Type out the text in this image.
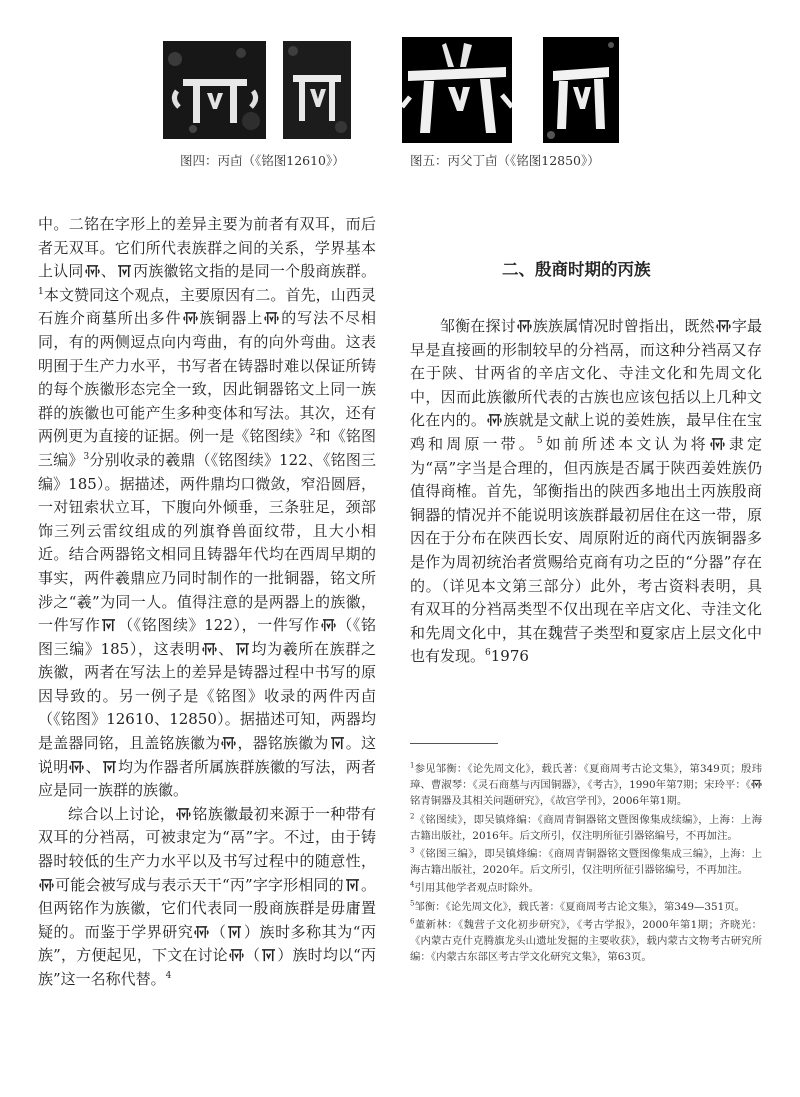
图四：丙卣（《铭图12610》）	图五：丙父丁卣（《铭图12850》）

中。二铭在字形上的差异主要为前者有双耳，而后者无双耳。它们所代表族群之间的关系，学界基本上认同 、 丙族徽铭文指的是同一个殷商族群。$^1$本文赞同这个观点，主要原因有二。首先，山西灵石旌介商墓所出多件 族铜器上 的写法不尽相同，有的两侧逗点向内弯曲，有的向外弯曲。这表明囿于生产力水平，书写者在铸器时难以保证所铸的每个族徽形态完全一致，因此铜器铭文上同一族群的族徽也可能产生多种变体和写法。其次，还有两例更为直接的证据。例一是《铭图续》$^2$和《铭图三编》$^3$分别收录的羲鼎（《铭图续》122、《铭图三编》185）。据描述，两件鼎均口微敛，窄沿圆唇，一对钮索状立耳，下腹向外倾垂，三条驻足，颈部饰三列云雷纹组成的列旗脊兽面纹带，且大小相近。结合两器铭文相同且铸器年代均在西周早期的事实，两件羲鼎应乃同时制作的一批铜器，铭文所涉之“羲”为同一人。值得注意的是两器上的族徽，一件写作 （《铭图续》122），一件写作 （《铭图三编》185），这表明 、 均为羲所在族群之族徽，两者在写法上的差异是铸器过程中书写的原因导致的。另一例子是《铭图》收录的两件丙卣（《铭图》12610、12850）。据描述可知，两器均是盖器同铭，且盖铭族徽为 ，器铭族徽为 。这说明 、 均为作器者所属族群族徽的写法，两者应是同一族群的族徽。

综合以上讨论， 铭族徽最初来源于一种带有双耳的分裆鬲，可被隶定为“鬲”字。不过，由于铸器时较低的生产力水平以及书写过程中的随意性，
可能会被写成与表示天干“丙”字字形相同的 。但两铭作为族徽，它们代表同一殷商族群是毋庸置疑的。而鉴于学界研究 （ ）族时多称其为“丙族”，方便起见，下文在讨论 （ ）族时均以“丙族”这一名称代替。$^4$

二、殷商时期的丙族

邹衡在探讨 族族属情况时曾指出，既然 字最早是直接画的形制较早的分裆鬲，而这种分裆鬲又存在于陕、甘两省的辛店文化、寺洼文化和先周文化中，因而此族徽所代表的古族也应该包括以上几种文化在内的。 族就是文献上说的姜姓族，最早住在宝鸡和周原一带。$^5$如前所述本文认为将 隶定为“鬲”字当是合理的，但丙族是否属于陕西姜姓族仍值得商榷。首先，邹衡指出的陕西多地出土丙族殷商铜器的情况并不能说明该族群最初居住在这一带，原因在于分布在陕西长安、周原附近的商代丙族铜器多是作为周初统治者赏赐给克商有功之臣的“分器”存在的。（详见本文第三部分）此外，考古资料表明，具有双耳的分裆鬲类型不仅出现在辛店文化、寺洼文化和先周文化中，其在魏营子类型和夏家店上层文化中也有发现。$^6$1976

$^1$参见邹衡：《论先周文化》，载氏著：《夏商周考古论文集》，第349页；殷玮璋、曹淑琴：《灵石商墓与丙国铜器》，《考古》，1990年第7期；宋玲平：《
铭青铜器及其相关问题研究》，《故宫学刊》，2006年第1期。

$^2$《铭图续》，即吴镇烽编：《商周青铜器铭文暨图像集成续编》，上海：上海古籍出版社，2016年。后文所引，仅注明所征引器铭编号，不再加注。

$^3$《铭图三编》，即吴镇烽编：《商周青铜器铭文暨图像集成三编》，上海：上海古籍出版社，2020年。后文所引，仅注明所征引器铭编号，不再加注。

$^4$引用其他学者观点时除外。

$^5$邹衡：《论先周文化》，载氏著：《夏商周考古论文集》，第349—351页。

$^6$董新林：《魏营子文化初步研究》，《考古学报》，2000年第1期；齐晓光：《内蒙古克什克腾旗龙头山遗址发掘的主要收获》，载内蒙古文物考古研究所编：《内蒙古东部区考古学文化研究文集》，第63页。
